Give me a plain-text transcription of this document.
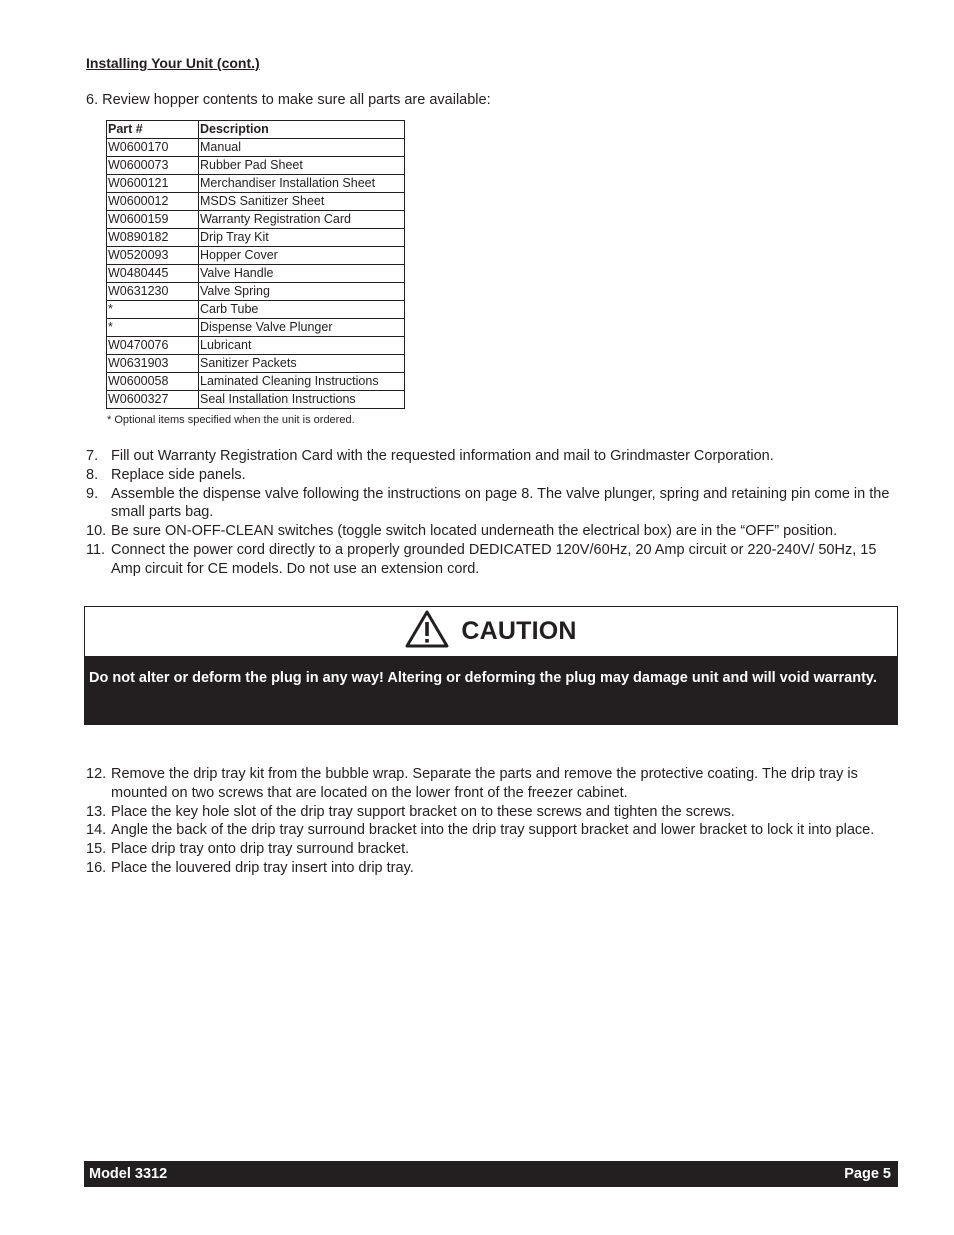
Installing Your Unit (cont.)
6. Review hopper contents to make sure all parts are available:
Part #	Description
W0600170	Manual
W0600073	Rubber Pad Sheet
W0600121	Merchandiser Installation Sheet
W0600012	MSDS Sanitizer Sheet
W0600159	Warranty Registration Card
W0890182	Drip Tray Kit
W0520093	Hopper Cover
W0480445	Valve Handle
W0631230	Valve Spring
*	Carb Tube
*	Dispense Valve Plunger
W0470076	Lubricant
W0631903	Sanitizer Packets
W0600058	Laminated Cleaning Instructions
W0600327	Seal Installation Instructions
* Optional items specified when the unit is ordered.
7. Fill out Warranty Registration Card with the requested information and mail to Grindmaster Corporation.
8. Replace side panels.
9. Assemble the dispense valve following the instructions on page 8. The valve plunger, spring and retaining pin come in the small parts bag.
10. Be sure ON-OFF-CLEAN switches (toggle switch located underneath the electrical box) are in the “OFF” position.
11. Connect the power cord directly to a properly grounded DEDICATED 120V/60Hz, 20 Amp circuit or 220-240V/ 50Hz, 15 Amp circuit for CE models. Do not use an extension cord.
CAUTION
Do not alter or deform the plug in any way! Altering or deforming the plug may damage unit and will void warranty.
12. Remove the drip tray kit from the bubble wrap. Separate the parts and remove the protective coating. The drip tray is mounted on two screws that are located on the lower front of the freezer cabinet.
13. Place the key hole slot of the drip tray support bracket on to these screws and tighten the screws.
14. Angle the back of the drip tray surround bracket into the drip tray support bracket and lower bracket to lock it into place.
15. Place drip tray onto drip tray surround bracket.
16. Place the louvered drip tray insert into drip tray.
Model 3312	Page 5
